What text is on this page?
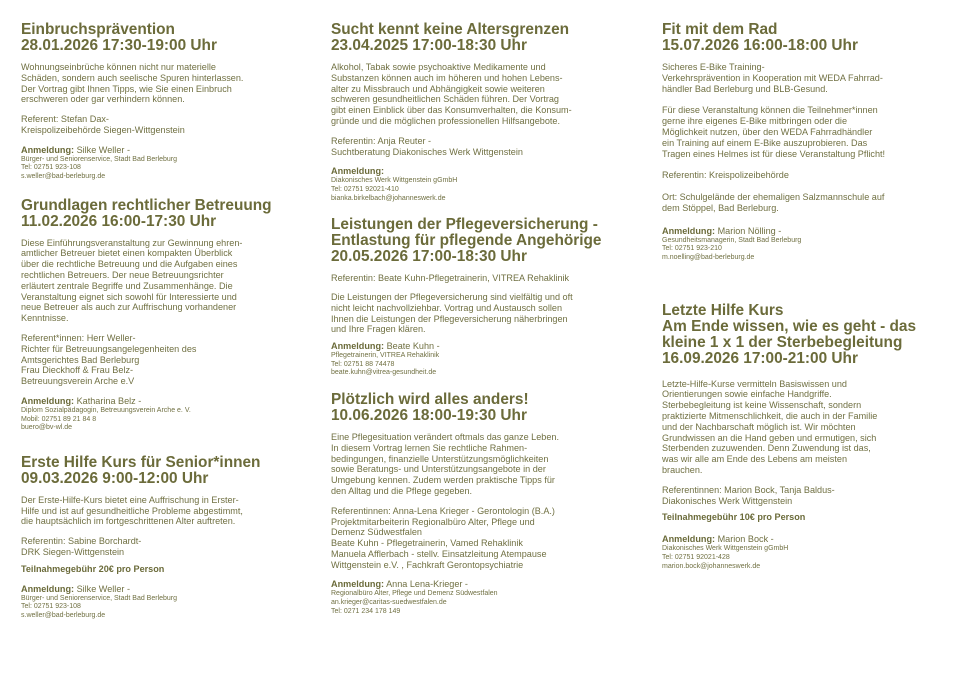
Einbruchsprävention
28.01.2026 17:30-19:00 Uhr
Wohnungseinbrüche können nicht nur materielle
Schäden, sondern auch seelische Spuren hinterlassen.
Der Vortrag gibt Ihnen Tipps, wie Sie einen Einbruch
erschweren oder gar verhindern können.
Referent: Stefan Dax-
Kreispolizeibehörde Siegen-Wittgenstein
Anmeldung: Silke Weller -
Bürger- und Seniorenservice, Stadt Bad Berleburg
Tel: 02751 923-108
s.weller@bad-berleburg.de
Grundlagen rechtlicher Betreuung
11.02.2026 16:00-17:30 Uhr
Diese Einführungsveranstaltung zur Gewinnung ehren-
amtlicher Betreuer bietet einen kompakten Überblick
über die rechtliche Betreuung und die Aufgaben eines
rechtlichen Betreuers. Der neue Betreuungsrichter
erläutert zentrale Begriffe und Zusammenhänge. Die
Veranstaltung eignet sich sowohl für Interessierte und
neue Betreuer als auch zur Auffrischung vorhandener
Kenntnisse.
Referent*innen: Herr Weller-
Richter für Betreuungsangelegenheiten des
Amtsgerichtes Bad Berleburg
Frau Dieckhoff & Frau Belz-
Betreuungsverein Arche e.V
Anmeldung: Katharina Belz -
Diplom Sozialpädagogin, Betreuungsverein Arche e. V.
Mobil: 02751 89 21 84 8
buero@bv-wl.de
Erste Hilfe Kurs für Senior*innen
09.03.2026 9:00-12:00 Uhr
Der Erste-Hilfe-Kurs bietet eine Auffrischung in Erster-
Hilfe und ist auf gesundheitliche Probleme abgestimmt,
die hauptsächlich im fortgeschrittenen Alter auftreten.
Referentin: Sabine Borchardt-
DRK Siegen-Wittgenstein
Teilnahmegebühr 20€ pro Person
Anmeldung: Silke Weller -
Bürger- und Seniorenservice, Stadt Bad Berleburg
Tel: 02751 923-108
s.weller@bad-berleburg.de
Sucht kennt keine Altersgrenzen
23.04.2025 17:00-18:30 Uhr
Alkohol, Tabak sowie psychoaktive Medikamente und
Substanzen können auch im höheren und hohen Lebens-
alter zu Missbrauch und Abhängigkeit sowie weiteren
schweren gesundheitlichen Schäden führen. Der Vortrag
gibt einen Einblick über das Konsumverhalten, die Konsum-
gründe und die möglichen professionellen Hilfsangebote.
Referentin: Anja Reuter -
Suchtberatung Diakonisches Werk Wittgenstein
Anmeldung:
Diakonisches Werk Wittgenstein gGmbH
Tel: 02751 92021-410
bianka.birkelbach@johanneswerk.de
Leistungen der Pflegeversicherung -
Entlastung für pflegende Angehörige
20.05.2026 17:00-18:30 Uhr
Referentin: Beate Kuhn-Pflegetrainerin, VITREA Rehaklinik
Die Leistungen der Pflegeversicherung sind vielfältig und oft
nicht leicht nachvollziehbar. Vortrag und Austausch sollen
Ihnen die Leistungen der Pflegeversicherung näherbringen
und Ihre Fragen klären.
Anmeldung: Beate Kuhn -
Pflegetrainerin, VITREA Rehaklinik
Tel: 02751 88 74478
beate.kuhn@vitrea-gesundheit.de
Plötzlich wird alles anders!
10.06.2026 18:00-19:30 Uhr
Eine Pflegesituation verändert oftmals das ganze Leben.
In diesem Vortrag lernen Sie rechtliche Rahmen-
bedingungen, finanzielle Unterstützungsmöglichkeiten
sowie Beratungs- und Unterstützungsangebote in der
Umgebung kennen. Zudem werden praktische Tipps für
den Alltag und die Pflege gegeben.
Referentinnen: Anna-Lena Krieger - Gerontologin (B.A.)
Projektmitarbeiterin Regionalbüro Alter, Pflege und
Demenz Südwestfalen
Beate Kuhn - Pflegetrainerin, Vamed Rehaklinik
Manuela Afflerbach - stellv. Einsatzleitung Atempause
Wittgenstein e.V. , Fachkraft Gerontopsychiatrie
Anmeldung: Anna Lena-Krieger -
Regionalbüro Alter, Pflege und Demenz Südwestfalen
an.krieger@caritas-suedwestfalen.de
Tel: 0271 234 178 149
Fit mit dem Rad
15.07.2026 16:00-18:00 Uhr
Sicheres E-Bike Training-
Verkehrsprävention in Kooperation mit WEDA Fahrrad-
händler Bad Berleburg und BLB-Gesund.
Für diese Veranstaltung können die Teilnehmer*innen
gerne ihre eigenes E-Bike mitbringen oder die
Möglichkeit nutzen, über den WEDA Fahrradhändler
ein Training auf einem E-Bike auszuprobieren. Das
Tragen eines Helmes ist für diese Veranstaltung Pflicht!
Referentin: Kreispolizeibehörde
Ort: Schulgelände der ehemaligen Salzmannschule auf
dem Stöppel, Bad Berleburg.
Anmeldung: Marion Nölling -
Gesundheitsmanagerin, Stadt Bad Berleburg
Tel: 02751 923-210
m.noelling@bad-berleburg.de
Letzte Hilfe Kurs
Am Ende wissen, wie es geht - das
kleine 1 x 1 der Sterbebegleitung
16.09.2026 17:00-21:00 Uhr
Letzte-Hilfe-Kurse vermitteln Basiswissen und
Orientierungen sowie einfache Handgriffe.
Sterbebegleitung ist keine Wissenschaft, sondern
praktizierte Mitmenschlichkeit, die auch in der Familie
und der Nachbarschaft möglich ist. Wir möchten
Grundwissen an die Hand geben und ermutigen, sich
Sterbenden zuzuwenden. Denn Zuwendung ist das,
was wir alle am Ende des Lebens am meisten
brauchen.
Referentinnen: Marion Bock, Tanja Baldus-
Diakonisches Werk Wittgenstein
Teilnahmegebühr 10€ pro Person
Anmeldung: Marion Bock -
Diakonisches Werk Wittgenstein gGmbH
Tel: 02751 92021-428
marion.bock@johanneswerk.de
